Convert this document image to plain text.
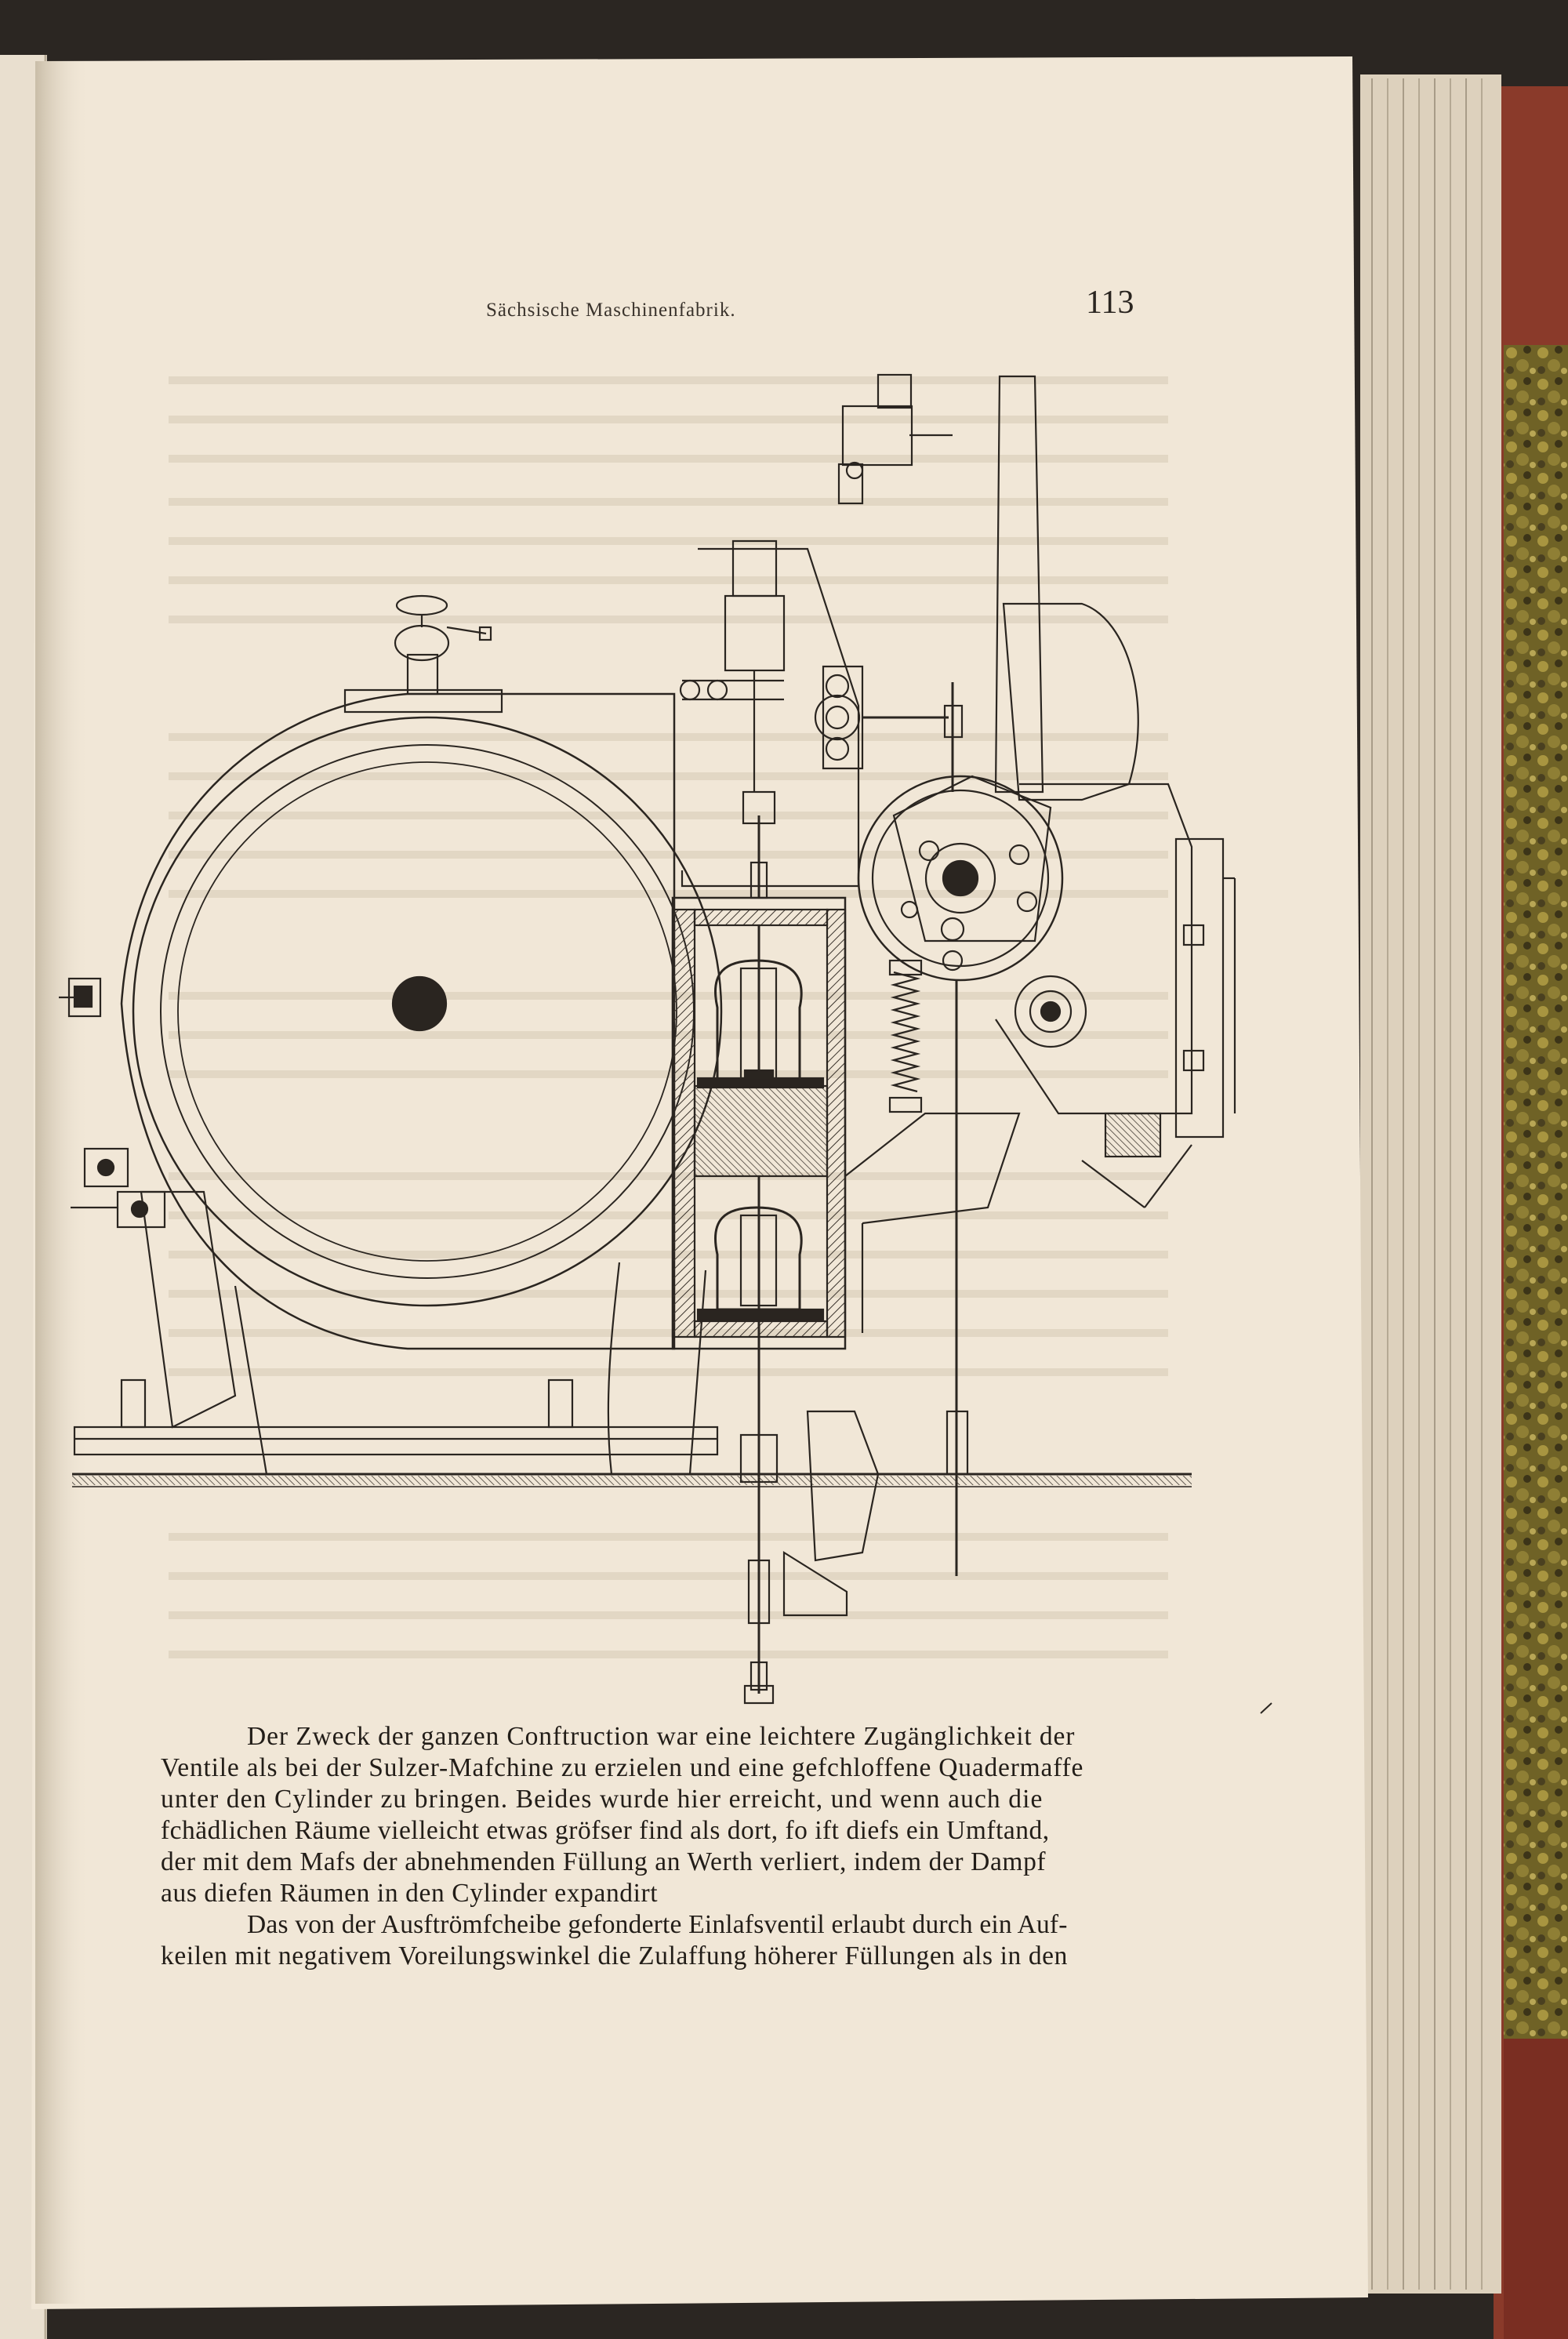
Sächsische Maschinenfabrik.	113
Der Zweck der ganzen Conftruction war eine leichtere Zugänglichkeit der
Ventile als bei der Sulzer-Mafchine zu erzielen und eine gefchloffene Quadermaffe
unter den Cylinder zu bringen. Beides wurde hier erreicht, und wenn auch die
fchädlichen Räume vielleicht etwas gröfser find als dort, fo ift diefs ein Umftand,
der mit dem Mafs der abnehmenden Füllung an Werth verliert, indem der Dampf
aus diefen Räumen in den Cylinder expandirt
Das von der Ausftrömfcheibe gefonderte Einlafsventil erlaubt durch ein Auf-
keilen mit negativem Voreilungswinkel die Zulaffung höherer Füllungen als in den
